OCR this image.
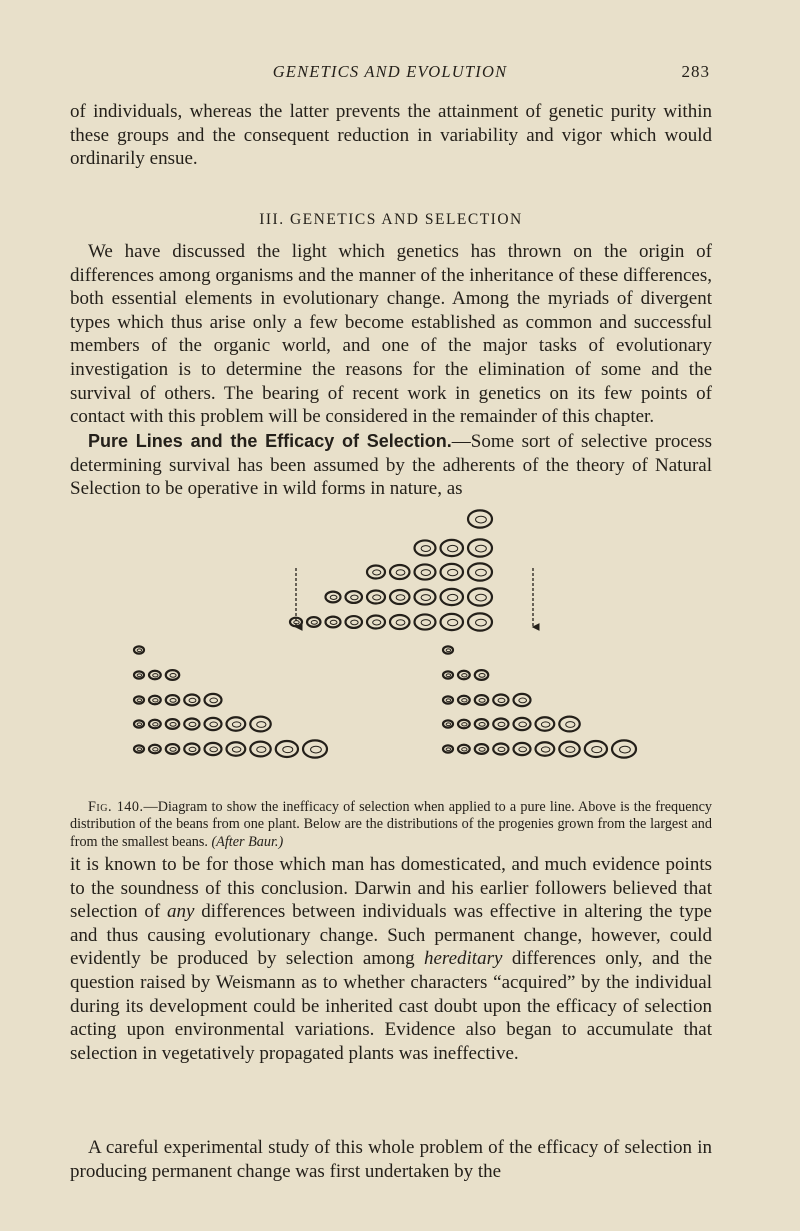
GENETICS AND EVOLUTION	283

of individuals, whereas the latter prevents the attainment of genetic purity within these groups and the consequent reduction in variability and vigor which would ordinarily ensue.

III. GENETICS AND SELECTION

We have discussed the light which genetics has thrown on the origin of differences among organisms and the manner of the inheritance of these differences, both essential elements in evolutionary change. Among the myriads of divergent types which thus arise only a few become established as common and successful members of the organic world, and one of the major tasks of evolutionary investigation is to determine the reasons for the elimination of some and the survival of others. The bearing of recent work in genetics on its few points of contact with this problem will be considered in the remainder of this chapter.

Pure Lines and the Efficacy of Selection.—Some sort of selective process determining survival has been assumed by the adherents of the theory of Natural Selection to be operative in wild forms in nature, as

Fig. 140.—Diagram to show the inefficacy of selection when applied to a pure line. Above is the frequency distribution of the beans from one plant. Below are the distributions of the progenies grown from the largest and from the smallest beans. (After Baur.)

it is known to be for those which man has domesticated, and much evidence points to the soundness of this conclusion. Darwin and his earlier followers believed that selection of any differences between individuals was effective in altering the type and thus causing evolutionary change. Such permanent change, however, could evidently be produced by selection among hereditary differences only, and the question raised by Weismann as to whether characters “acquired” by the individual during its development could be inherited cast doubt upon the efficacy of selection acting upon environmental variations. Evidence also began to accumulate that selection in vegetatively propagated plants was ineffective.

A careful experimental study of this whole problem of the efficacy of selection in producing permanent change was first undertaken by the
